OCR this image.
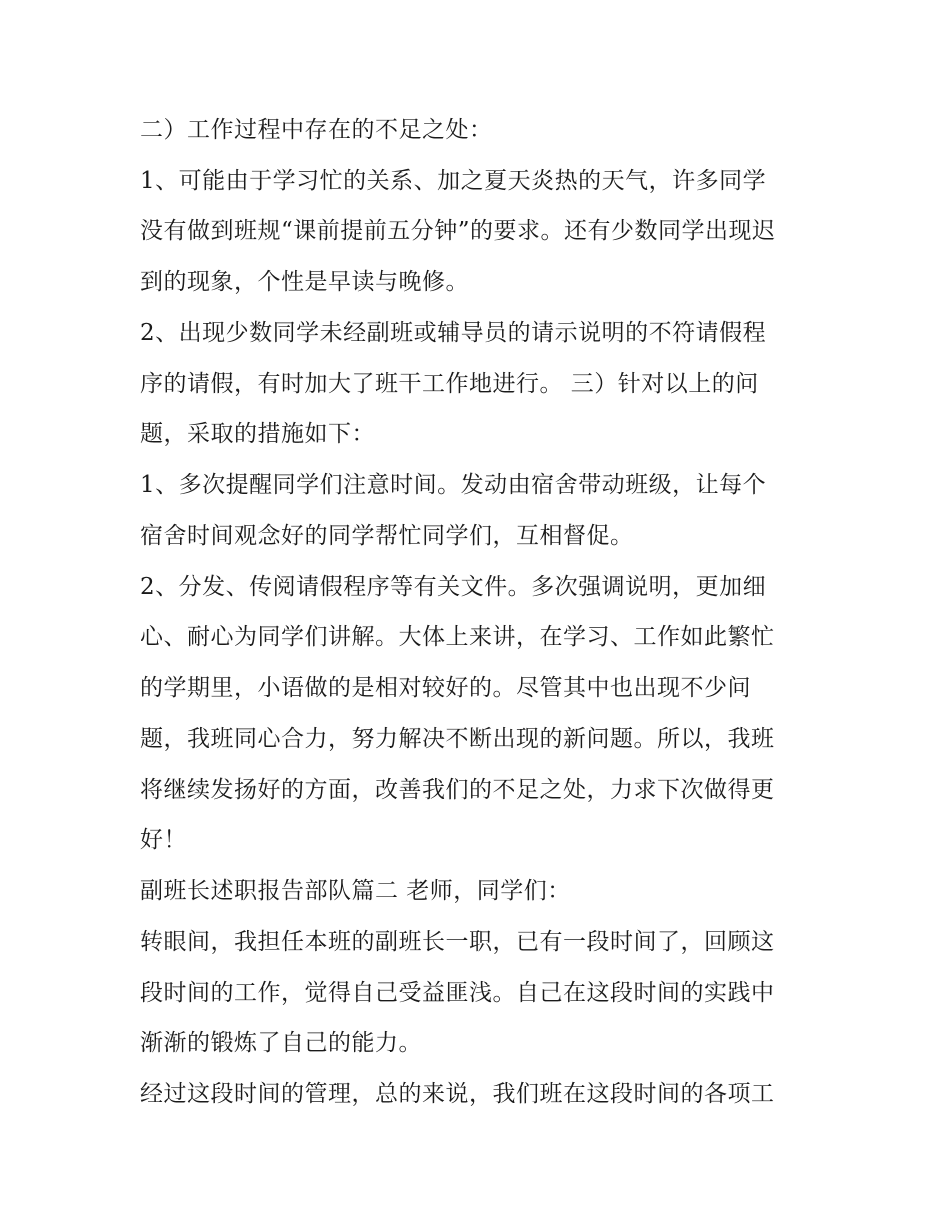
二）工作过程中存在的不足之处：
1、可能由于学习忙的关系、加之夏天炎热的天气，许多同学
没有做到班规“课前提前五分钟”的要求。还有少数同学出现迟
到的现象，个性是早读与晚修。
2、出现少数同学未经副班或辅导员的请示说明的不符请假程
序的请假，有时加大了班干工作地进行。 三）针对以上的问
题，采取的措施如下：
1、多次提醒同学们注意时间。发动由宿舍带动班级，让每个
宿舍时间观念好的同学帮忙同学们，互相督促。
2、分发、传阅请假程序等有关文件。多次强调说明，更加细
心、耐心为同学们讲解。大体上来讲，在学习、工作如此繁忙
的学期里，小语做的是相对较好的。尽管其中也出现不少问
题，我班同心合力，努力解决不断出现的新问题。所以，我班
将继续发扬好的方面，改善我们的不足之处，力求下次做得更
好！
副班长述职报告部队篇二 老师，同学们：
转眼间，我担任本班的副班长一职，已有一段时间了，回顾这
段时间的工作，觉得自己受益匪浅。自己在这段时间的实践中
渐渐的锻炼了自己的能力。
经过这段时间的管理，总的来说，我们班在这段时间的各项工
